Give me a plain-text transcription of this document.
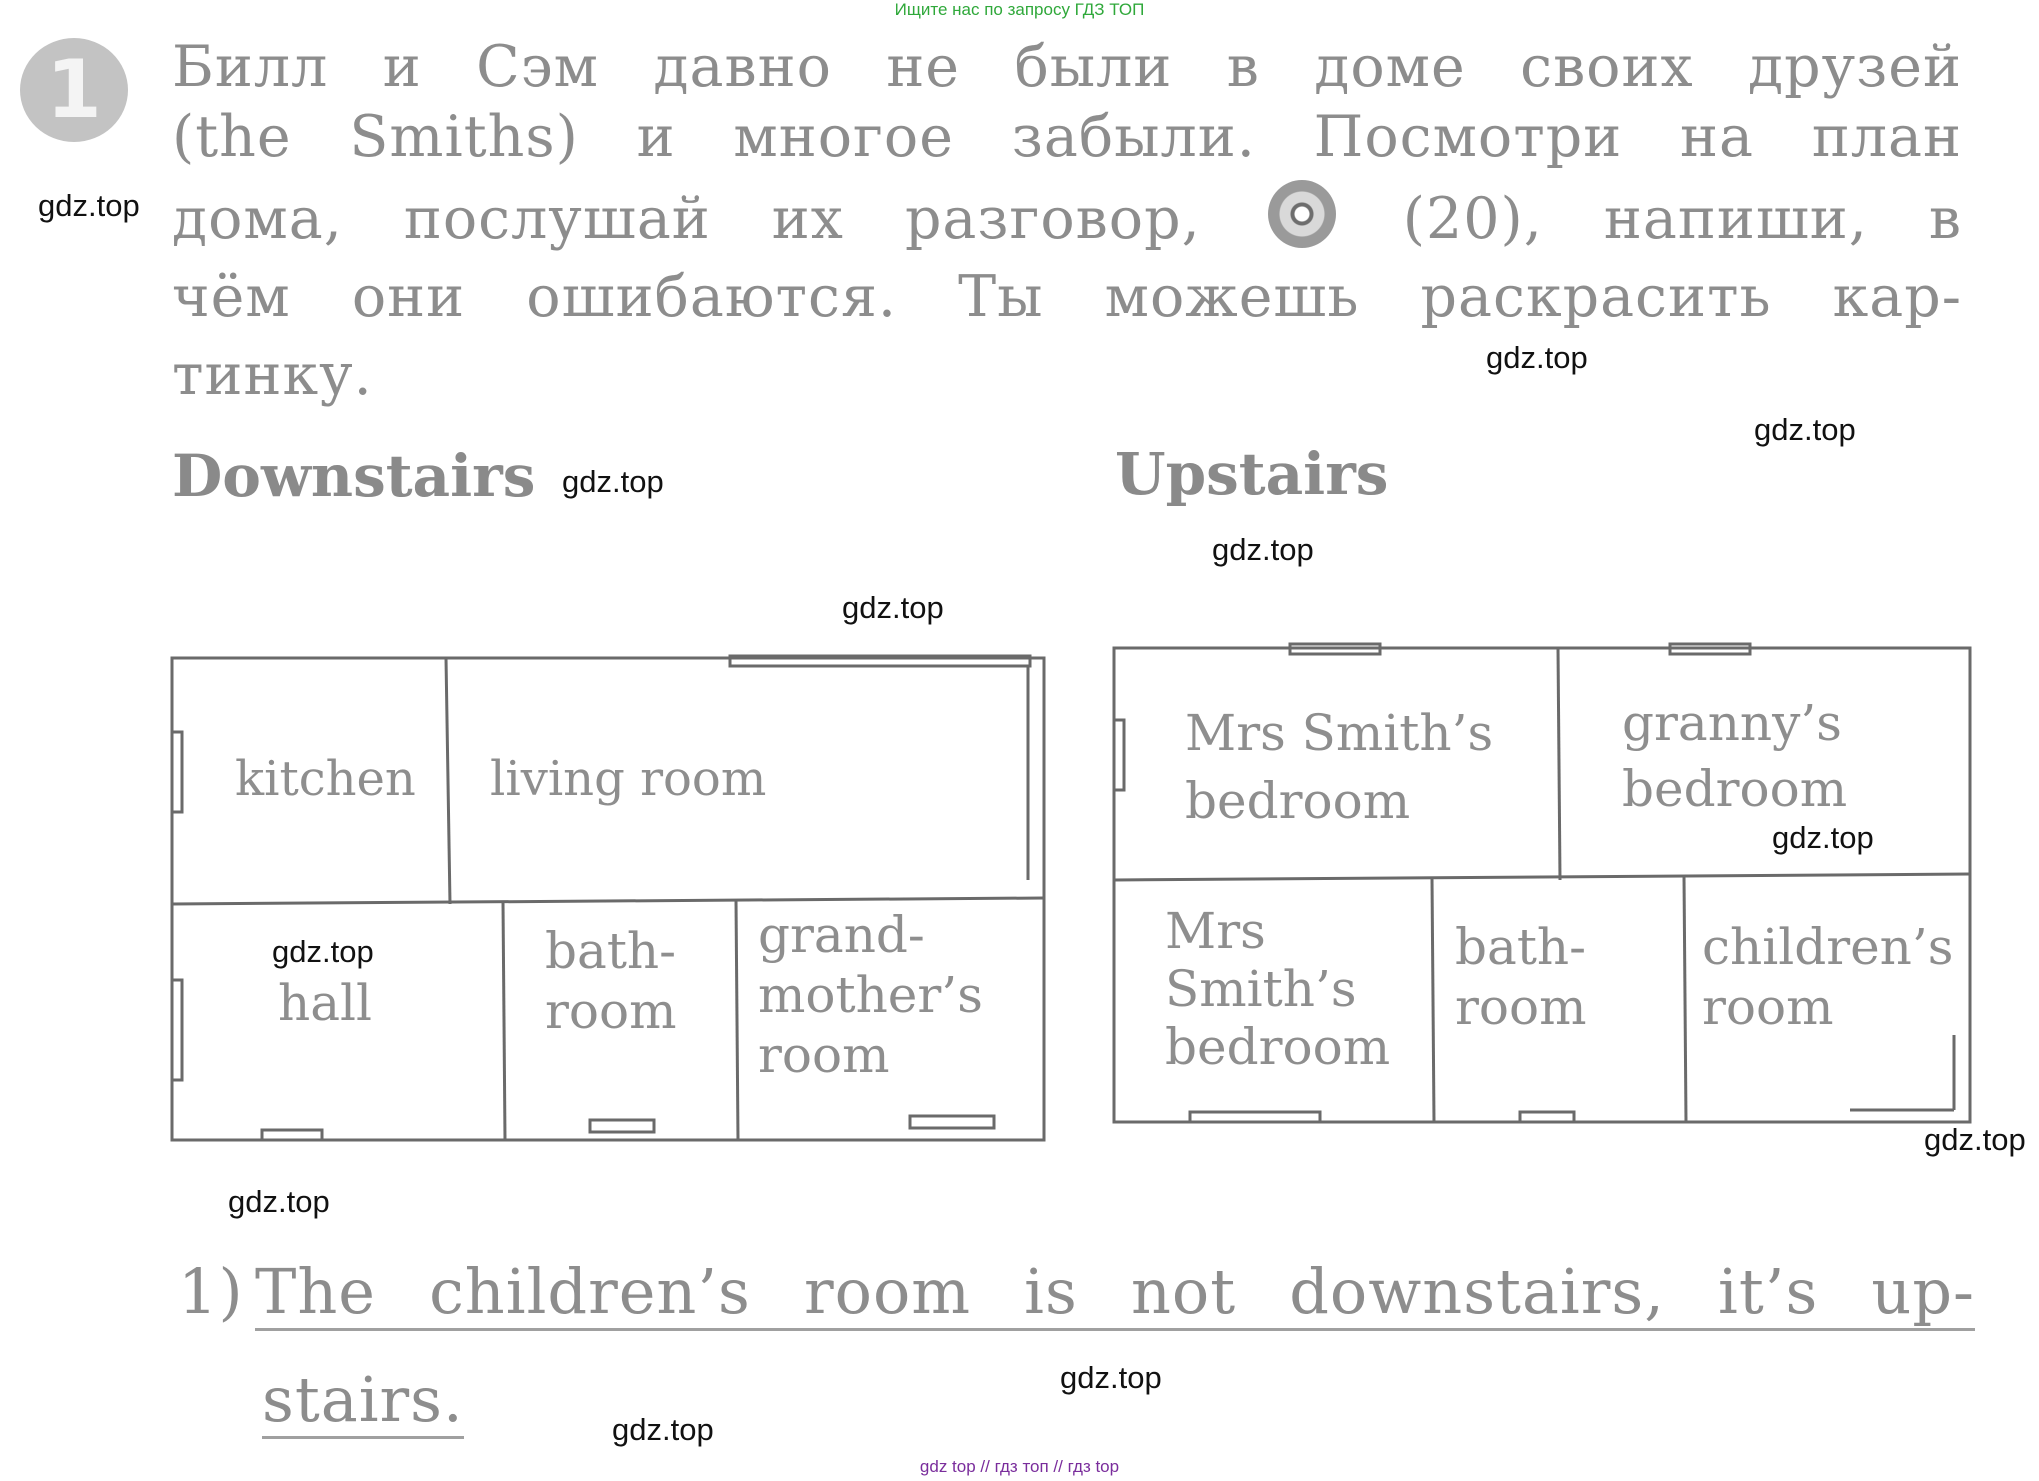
Ищите нас по запросу ГДЗ ТОП
1	Билл и Сэм давно не были в доме своих друзей
(the Smiths) и многое забыли. Посмотри на план
дома, послушай их разговор,	(20), напиши, в
чём они ошибаются. Ты можешь раскрасить кар-
тинку.
Downstairs	Upstairs
kitchen living room
hall
bath-
room
grand-
mother’s
room
Mrs Smith’s
bedroom
granny’s
bedroom
Mrs
Smith’s
bedroom
bath-
room
children’s
room
1) The children’s room is not downstairs, it’s up-
stairs.
gdz.top
gdz.top
gdz.top
gdz.top
gdz.top
gdz.top
gdz.top
gdz.top
gdz.top
gdz.top
gdz.top
gdz.top
gdz top // гдз топ // гдз top
